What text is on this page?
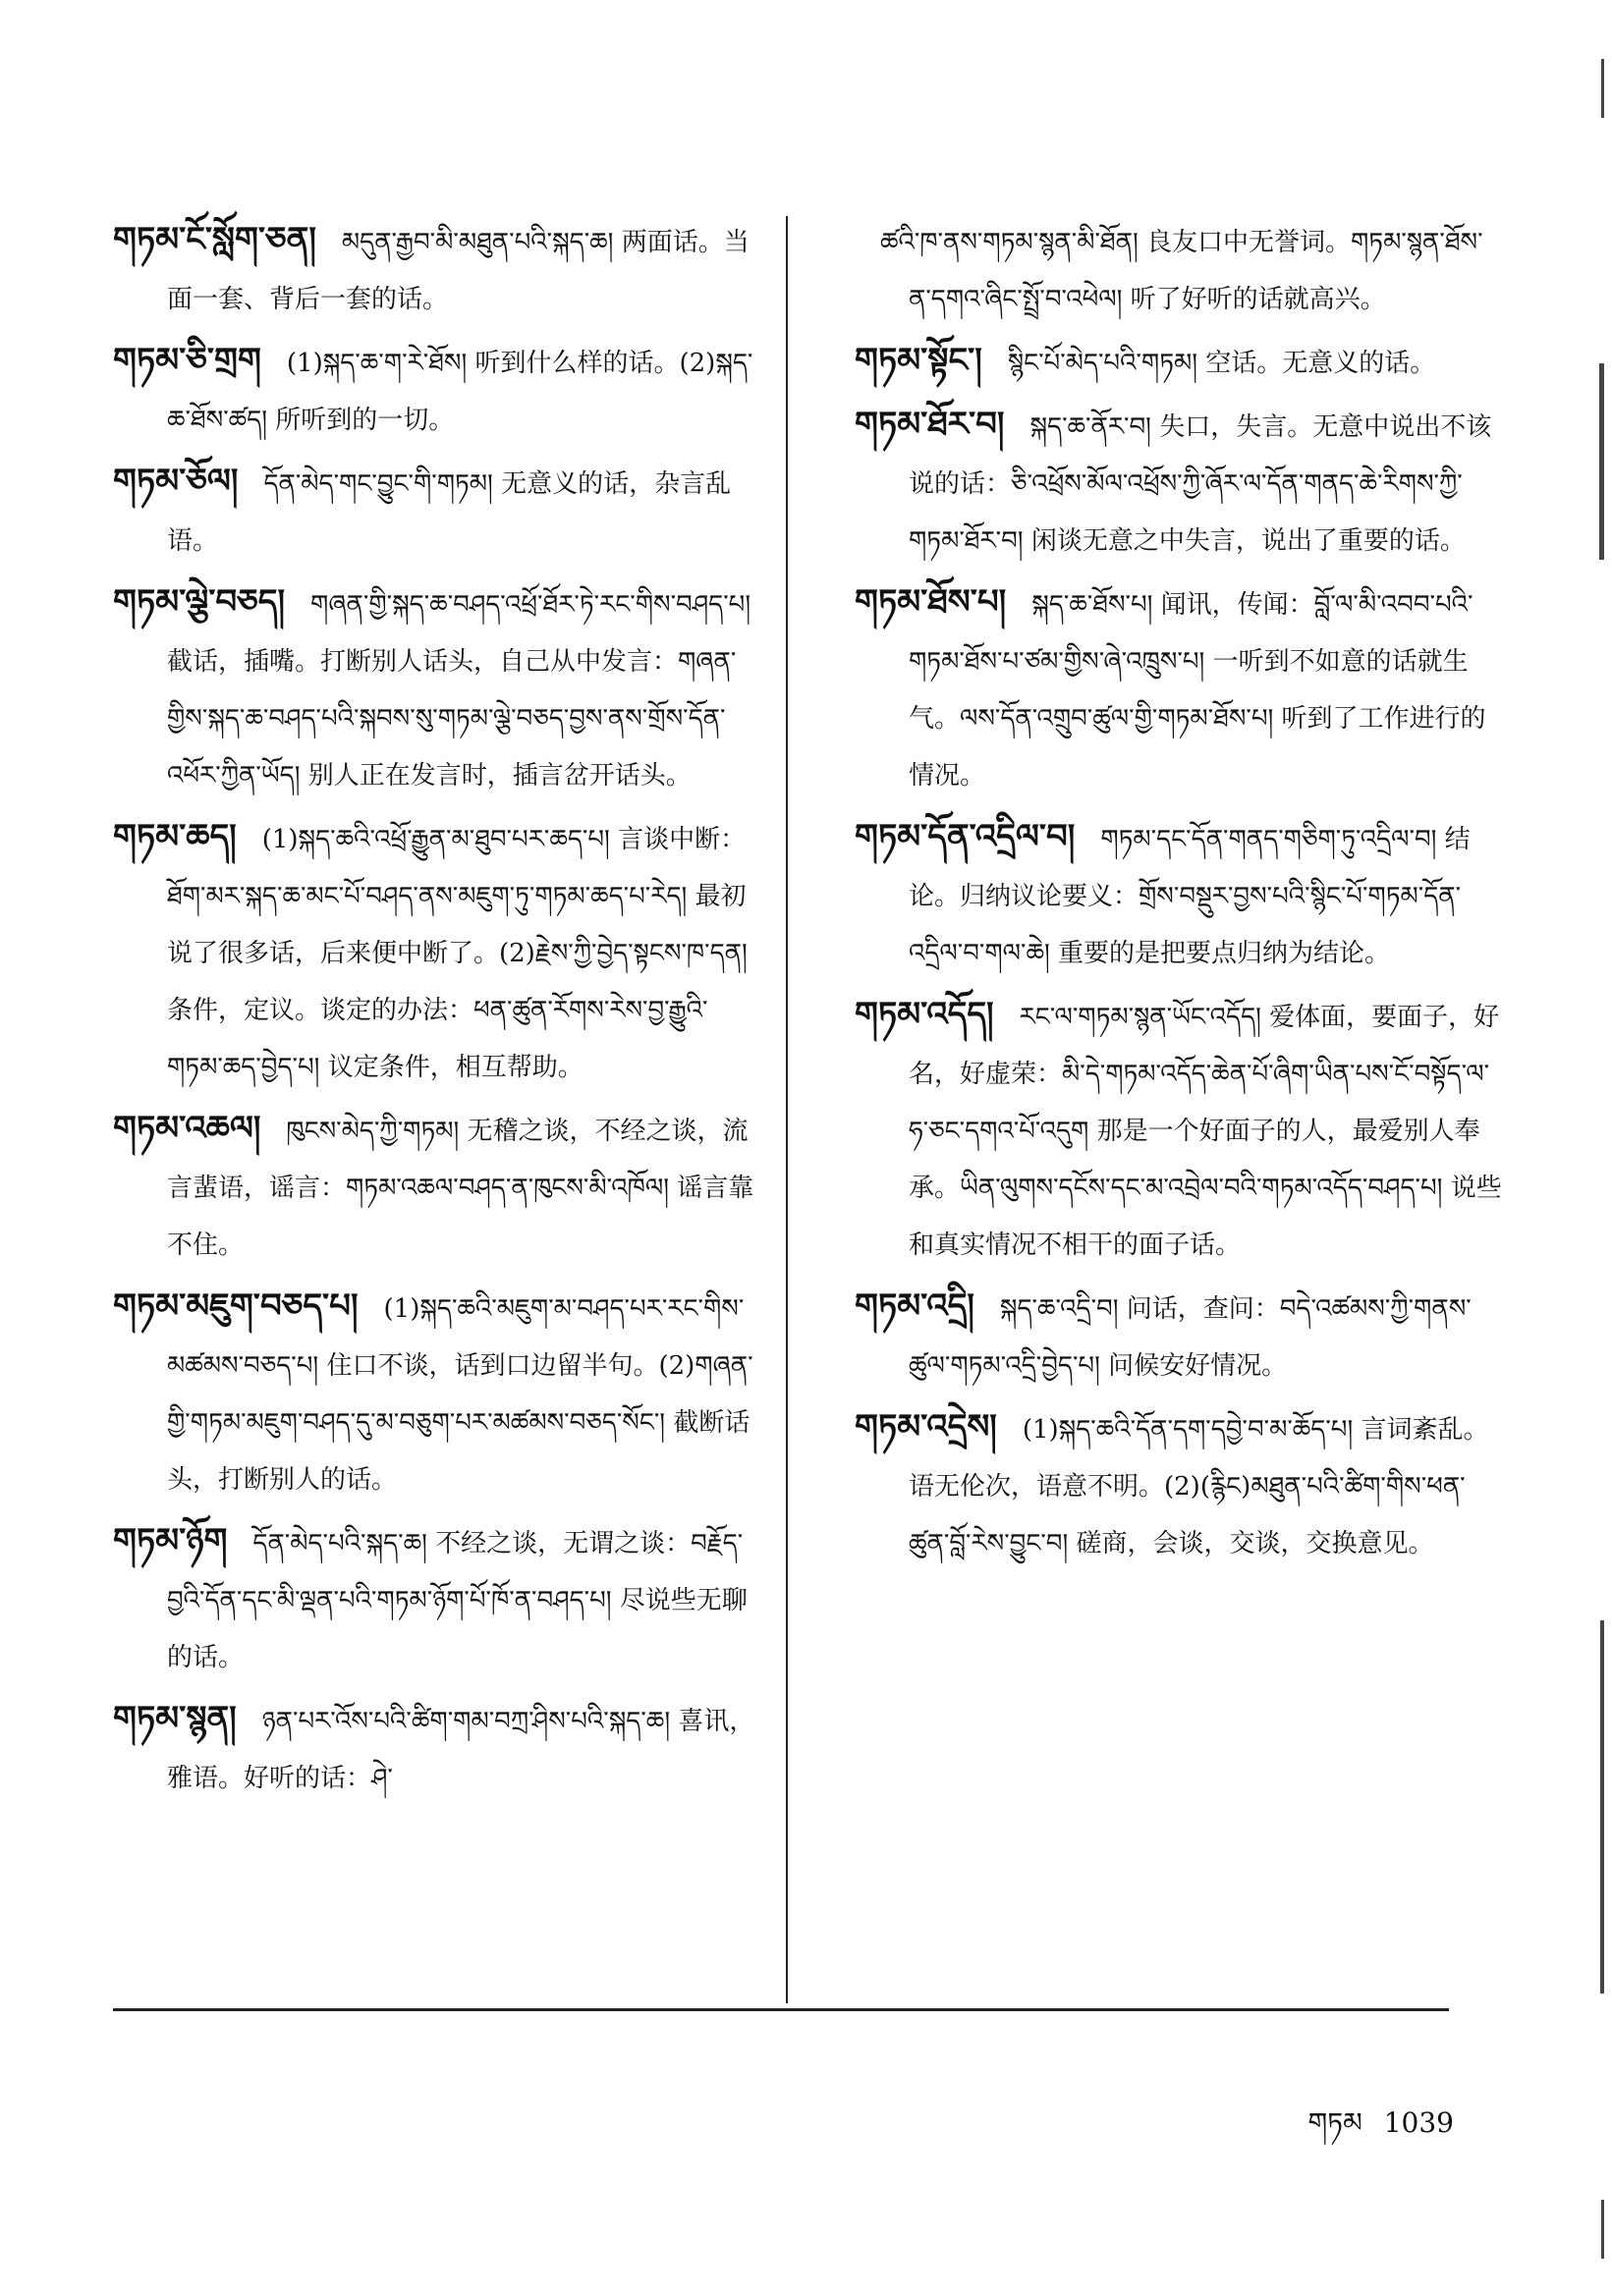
གཏམ་ངོ་སློག་ཅན། མདུན་རྒྱབ་མི་མཐུན་པའི་སྐད་ཆ། 两面话。当面一套、背后一套的话。

གཏམ་ཅི་གྲག (1)སྐད་ཆ་ག་རེ་ཐོས། 听到什么样的话。(2)སྐད་ཆ་ཐོས་ཚད། 所听到的一切。

གཏམ་ཅོལ། དོན་མེད་གང་བྱུང་གི་གཏམ། 无意义的话，杂言乱语。

གཏམ་ལྕེ་བཅད། གཞན་གྱི་སྐད་ཆ་བཤད་འཕྲོ་ཐོར་ཏེ་རང་གིས་བཤད་པ། 截话，插嘴。打断别人话头，自己从中发言：གཞན་གྱིས་སྐད་ཆ་བཤད་པའི་སྐབས་སུ་གཏམ་ལྕེ་བཅད་བྱས་ནས་གྲོས་དོན་འཕོར་ཀྱིན་ཡོད། 别人正在发言时，插言岔开话头。

གཏམ་ཆད། (1)སྐད་ཆའི་འཕྲོ་རྒྱུན་མ་ཐུབ་པར་ཆད་པ། 言谈中断：ཐོག་མར་སྐད་ཆ་མང་པོ་བཤད་ནས་མཇུག་ཏུ་གཏམ་ཆད་པ་རེད། 最初说了很多话，后来便中断了。(2)རྗེས་ཀྱི་བྱེད་སྟངས་ཁ་དན། 条件，定议。谈定的办法：ཕན་ཚུན་རོགས་རེས་བྱ་རྒྱུའི་གཏམ་ཆད་བྱེད་པ། 议定条件，相互帮助。

གཏམ་འཆལ། ཁུངས་མེད་ཀྱི་གཏམ། 无稽之谈，不经之谈，流言蜚语，谣言：གཏམ་འཆལ་བཤད་ན་ཁུངས་མི་འཁོལ། 谣言靠不住。

གཏམ་མཇུག་བཅད་པ། (1)སྐད་ཆའི་མཇུག་མ་བཤད་པར་རང་གིས་མཚམས་བཅད་པ། 住口不谈，话到口边留半句。(2)གཞན་གྱི་གཏམ་མཇུག་བཤད་དུ་མ་བཅུག་པར་མཚམས་བཅད་སོང་། 截断话头，打断别人的话。

གཏམ་ཉོག དོན་མེད་པའི་སྐད་ཆ། 不经之谈，无谓之谈：བརྗོད་བྱའི་དོན་དང་མི་ལྡན་པའི་གཏམ་ཉོག་པོ་ཁོ་ན་བཤད་པ། 尽说些无聊的话。

གཏམ་སྙན། ཉན་པར་འོས་པའི་ཚིག་གམ་བཀྲ་ཤིས་པའི་སྐད་ཆ། 喜讯，雅语。好听的话：ཤེ་

ཚའི་ཁ་ནས་གཏམ་སྙན་མི་ཐོན། 良友口中无誉词。གཏམ་སྙན་ཐོས་ན་དགའ་ཞིང་སྤྲོ་བ་འཕེལ། 听了好听的话就高兴。

གཏམ་སྟོང་། སྙིང་པོ་མེད་པའི་གཏམ། 空话。无意义的话。

གཏམ་ཐོར་བ། སྐད་ཆ་ནོར་བ། 失口，失言。无意中说出不该说的话：ཅི་འཕྲོས་མོལ་འཕྲོས་ཀྱི་ཞོར་ལ་དོན་གནད་ཆེ་རིགས་ཀྱི་གཏམ་ཐོར་བ། 闲谈无意之中失言，说出了重要的话。

གཏམ་ཐོས་པ། སྐད་ཆ་ཐོས་པ། 闻讯，传闻：བློ་ལ་མི་འབབ་པའི་གཏམ་ཐོས་པ་ཙམ་གྱིས་ཞེ་འཁྲུས་པ། 一听到不如意的话就生气。ལས་དོན་འགྲུབ་ཚུལ་གྱི་གཏམ་ཐོས་པ། 听到了工作进行的情况。

གཏམ་དོན་འདྲིལ་བ། གཏམ་དང་དོན་གནད་གཅིག་ཏུ་འདྲིལ་བ། 结论。归纳议论要义：གྲོས་བསྡུར་བྱས་པའི་སྙིང་པོ་གཏམ་དོན་འདྲིལ་བ་གལ་ཆེ། 重要的是把要点归纳为结论。

གཏམ་འདོད། རང་ལ་གཏམ་སྙན་ཡོང་འདོད། 爱体面，要面子，好名，好虚荣：མི་དེ་གཏམ་འདོད་ཆེན་པོ་ཞིག་ཡིན་པས་ངོ་བསྟོད་ལ་ཧ་ཅང་དགའ་པོ་འདུག 那是一个好面子的人，最爱别人奉承。ཡིན་ལུགས་དངོས་དང་མ་འབྲེལ་བའི་གཏམ་འདོད་བཤད་པ། 说些和真实情况不相干的面子话。

གཏམ་འདྲི། སྐད་ཆ་འདྲི་བ། 问话，查问：བདེ་འཚམས་ཀྱི་གནས་ཚུལ་གཏམ་འདྲི་བྱེད་པ། 问候安好情况。

གཏམ་འདྲེས། (1)སྐད་ཆའི་དོན་དག་དབྱེ་བ་མ་ཆོད་པ། 言词紊乱。语无伦次，语意不明。(2)(རྙིང)མཐུན་པའི་ཚིག་གིས་ཕན་ཚུན་བློ་རེས་བྱུང་བ། 磋商，会谈，交谈，交换意见。

གཏམ 1039
